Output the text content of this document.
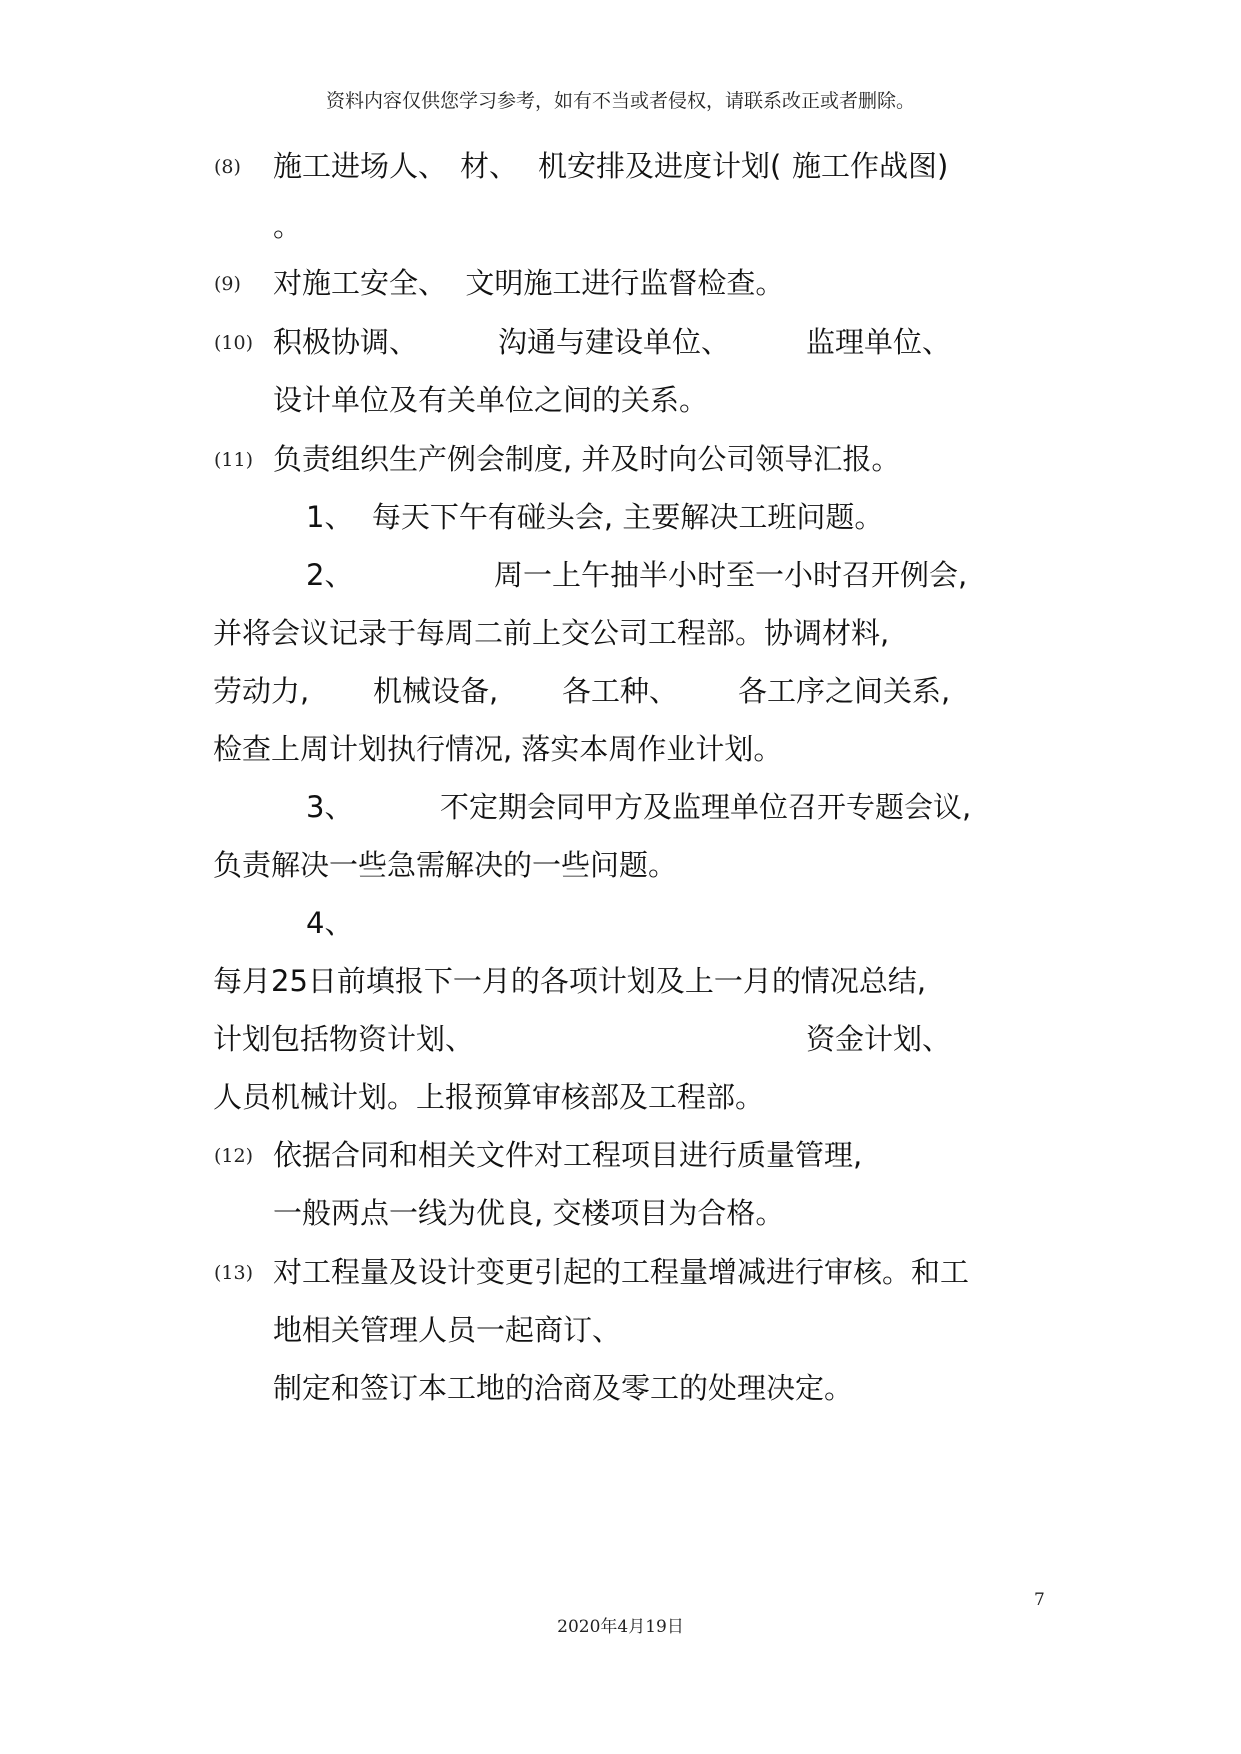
资料内容仅供您学习参考，如有不当或者侵权，请联系改正或者删除。
(8) 施工进场人、 材、 机安排及进度计划( 施工作战图)
。
(9) 对施工安全、  文明施工进行监督检查。
(10) 积极协调、	沟通与建设单位、	监理单位、
设计单位及有关单位之间的关系。
(11) 负责组织生产例会制度, 并及时向公司领导汇报。
1、  每天下午有碰头会, 主要解决工班问题。
2、	周一上午抽半小时至一小时召开例会,
并将会议记录于每周二前上交公司工程部。协调材料,
劳动力, 机械设备, 各工种、 各工序之间关系,
检查上周计划执行情况, 落实本周作业计划。
3、	不定期会同甲方及监理单位召开专题会议,
负责解决一些急需解决的一些问题。
4、
每月25日前填报下一月的各项计划及上一月的情况总结,
计划包括物资计划、	资金计划、
人员机械计划。上报预算审核部及工程部。
(12) 依据合同和相关文件对工程项目进行质量管理,
一般两点一线为优良, 交楼项目为合格。
(13) 对工程量及设计变更引起的工程量增减进行审核。和工
地相关管理人员一起商订、
制定和签订本工地的洽商及零工的处理决定。
7
2020年4月19日
